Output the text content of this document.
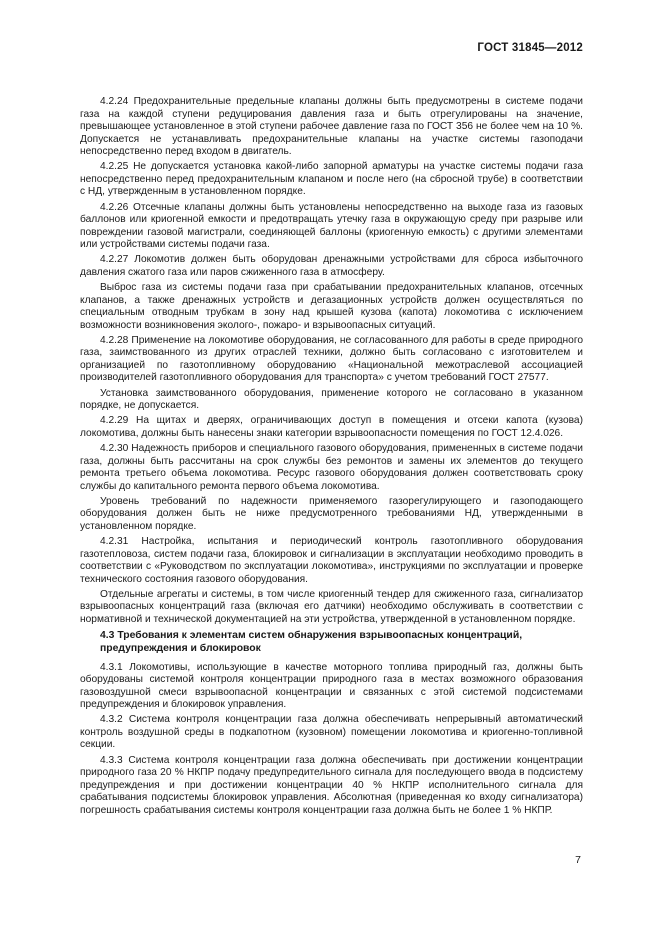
ГОСТ 31845—2012

4.2.24 Предохранительные предельные клапаны должны быть предусмотрены в системе подачи газа на каждой ступени редуцирования давления газа и быть отрегулированы на значение, превышающее установленное в этой ступени рабочее давление газа по ГОСТ 356 не более чем на 10 %. Допускается не устанавливать предохранительные клапаны на участке системы газоподачи непосредственно перед входом в двигатель.

4.2.25 Не допускается установка какой-либо запорной арматуры на участке системы подачи газа непосредственно перед предохранительным клапаном и после него (на сбросной трубе) в соответствии с НД, утвержденным в установленном порядке.

4.2.26 Отсечные клапаны должны быть установлены непосредственно на выходе газа из газовых баллонов или криогенной емкости и предотвращать утечку газа в окружающую среду при разрыве или повреждении газовой магистрали, соединяющей баллоны (криогенную емкость) с другими элементами или устройствами системы подачи газа.

4.2.27 Локомотив должен быть оборудован дренажными устройствами для сброса избыточного давления сжатого газа или паров сжиженного газа в атмосферу.

Выброс газа из системы подачи газа при срабатывании предохранительных клапанов, отсечных клапанов, а также дренажных устройств и дегазационных устройств должен осуществляться по специальным отводным трубкам в зону над крышей кузова (капота) локомотива с исключением возможности возникновения эколого-, пожаро- и взрывоопасных ситуаций.

4.2.28 Применение на локомотиве оборудования, не согласованного для работы в среде природного газа, заимствованного из других отраслей техники, должно быть согласовано с изготовителем и организацией по газотопливному оборудованию «Национальной межотраслевой ассоциацией производителей газотопливного оборудования для транспорта» с учетом требований ГОСТ 27577.

Установка заимствованного оборудования, применение которого не согласовано в указанном порядке, не допускается.

4.2.29 На щитах и дверях, ограничивающих доступ в помещения и отсеки капота (кузова) локомотива, должны быть нанесены знаки категории взрывоопасности помещения по ГОСТ 12.4.026.

4.2.30 Надежность приборов и специального газового оборудования, примененных в системе подачи газа, должны быть рассчитаны на срок службы без ремонтов и замены их элементов до текущего ремонта третьего объема локомотива. Ресурс газового оборудования должен соответствовать сроку службы до капитального ремонта первого объема локомотива.

Уровень требований по надежности применяемого газорегулирующего и газоподающего оборудования должен быть не ниже предусмотренного требованиями НД, утвержденными в установленном порядке.

4.2.31 Настройка, испытания и периодический контроль газотопливного оборудования газотепловоза, систем подачи газа, блокировок и сигнализации в эксплуатации необходимо проводить в соответствии с «Руководством по эксплуатации локомотива», инструкциями по эксплуатации и проверке технического состояния газового оборудования.

Отдельные агрегаты и системы, в том числе криогенный тендер для сжиженного газа, сигнализатор взрывоопасных концентраций газа (включая его датчики) необходимо обслуживать в соответствии с нормативной и технической документацией на эти устройства, утвержденной в установленном порядке.

4.3 Требования к элементам систем обнаружения взрывоопасных концентраций, предупреждения и блокировок

4.3.1 Локомотивы, использующие в качестве моторного топлива природный газ, должны быть оборудованы системой контроля концентрации природного газа в местах возможного образования газовоздушной смеси взрывоопасной концентрации и связанных с этой системой подсистемами предупреждения и блокировок управления.

4.3.2 Система контроля концентрации газа должна обеспечивать непрерывный автоматический контроль воздушной среды в подкапотном (кузовном) помещении локомотива и криогенно-топливной секции.

4.3.3 Система контроля концентрации газа должна обеспечивать при достижении концентрации природного газа 20 % НКПР подачу предупредительного сигнала для последующего ввода в подсистему предупреждения и при достижении концентрации 40 % НКПР исполнительного сигнала для срабатывания подсистемы блокировок управления. Абсолютная (приведенная ко входу сигнализатора) погрешность срабатывания системы контроля концентрации газа должна быть не более 1 % НКПР.

7
